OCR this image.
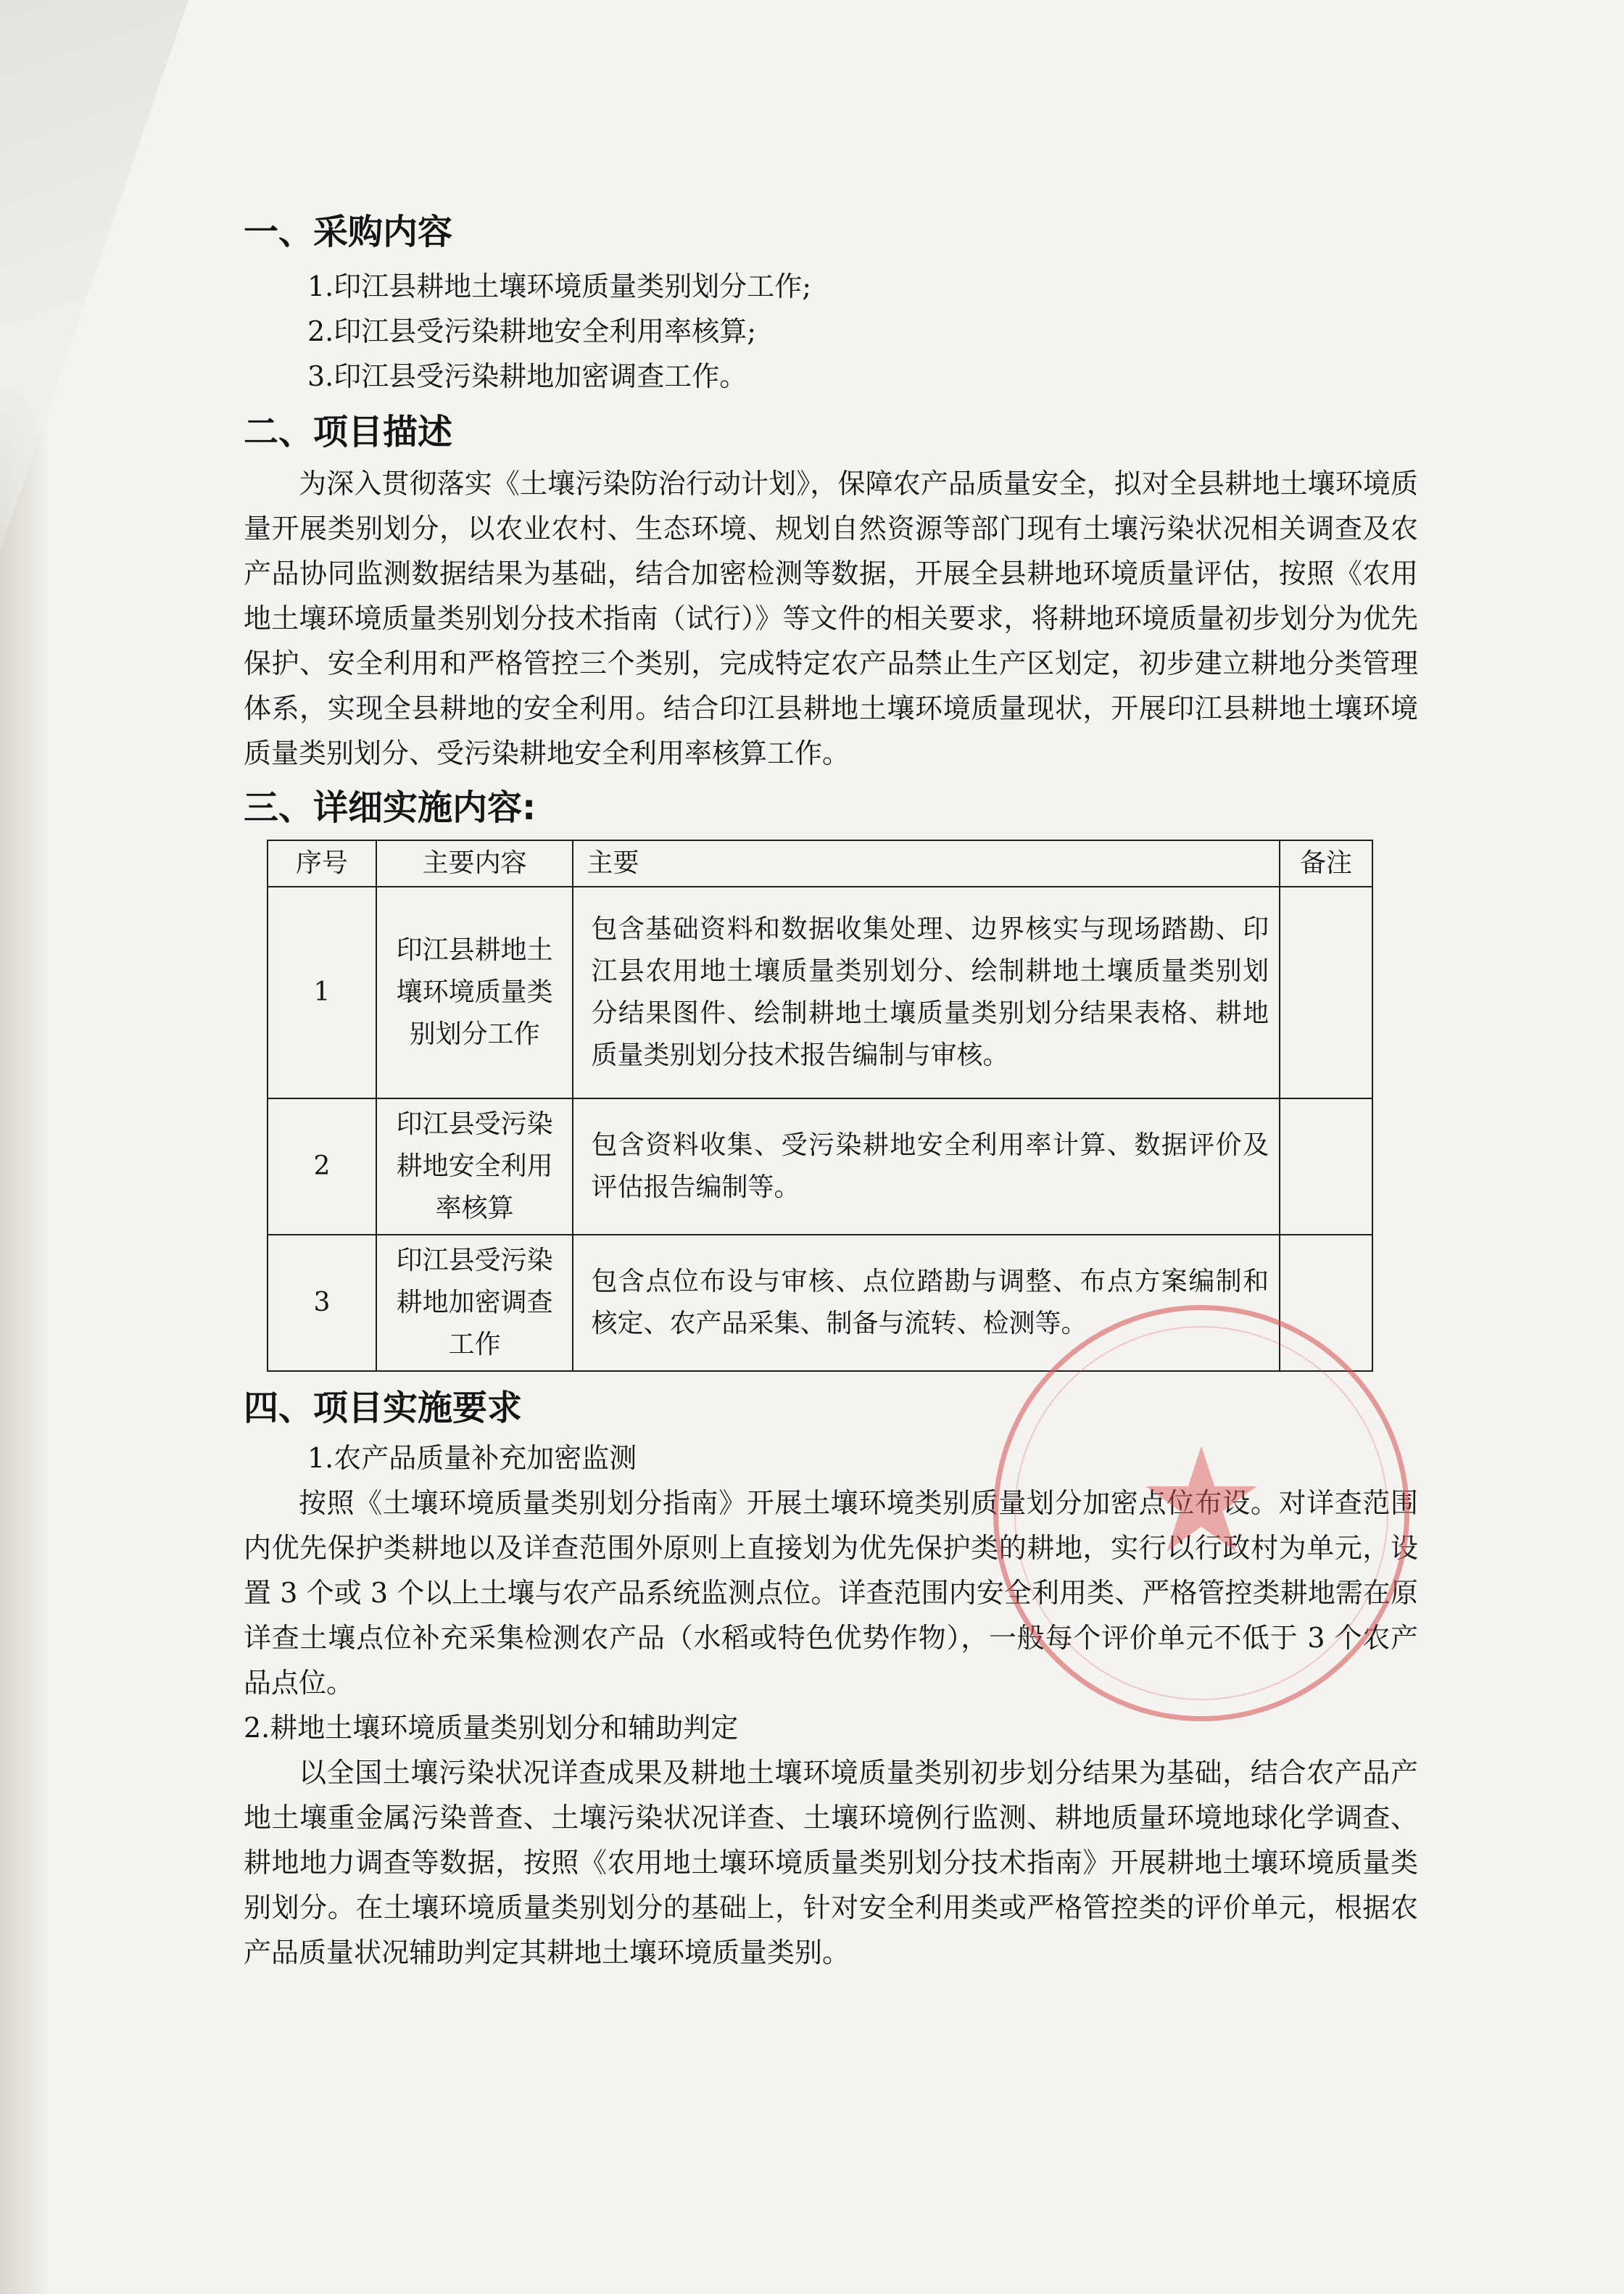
一、采购内容

1.印江县耕地土壤环境质量类别划分工作;

2.印江县受污染耕地安全利用率核算;

3.印江县受污染耕地加密调查工作。

二、项目描述

为深入贯彻落实《土壤污染防治行动计划》，保障农产品质量安全，拟对全县耕地土壤环境质量开展类别划分，以农业农村、生态环境、规划自然资源等部门现有土壤污染状况相关调查及农产品协同监测数据结果为基础，结合加密检测等数据，开展全县耕地环境质量评估，按照《农用地土壤环境质量类别划分技术指南（试行）》等文件的相关要求，将耕地环境质量初步划分为优先保护、安全利用和严格管控三个类别，完成特定农产品禁止生产区划定，初步建立耕地分类管理体系，实现全县耕地的安全利用。结合印江县耕地土壤环境质量现状，开展印江县耕地土壤环境质量类别划分、受污染耕地安全利用率核算工作。

三、详细实施内容:
序号	主要内容	主要	备注
1	印江县耕地土壤环境质量类别划分工作	包含基础资料和数据收集处理、边界核实与现场踏勘、印江县农用地土壤质量类别划分、绘制耕地土壤质量类别划分结果图件、绘制耕地土壤质量类别划分结果表格、耕地质量类别划分技术报告编制与审核。	
2	印江县受污染耕地安全利用率核算	包含资料收集、受污染耕地安全利用率计算、数据评价及评估报告编制等。	
3	印江县受污染耕地加密调查工作	包含点位布设与审核、点位踏勘与调整、布点方案编制和核定、农产品采集、制备与流转、检测等。	
四、项目实施要求

1.农产品质量补充加密监测

按照《土壤环境质量类别划分指南》开展土壤环境类别质量划分加密点位布设。对详查范围内优先保护类耕地以及详查范围外原则上直接划为优先保护类的耕地，实行以行政村为单元，设置 3 个或 3 个以上土壤与农产品系统监测点位。详查范围内安全利用类、严格管控类耕地需在原详查土壤点位补充采集检测农产品（水稻或特色优势作物），一般每个评价单元不低于 3 个农产品点位。

2.耕地土壤环境质量类别划分和辅助判定

以全国土壤污染状况详查成果及耕地土壤环境质量类别初步划分结果为基础，结合农产品产地土壤重金属污染普查、土壤污染状况详查、土壤环境例行监测、耕地质量环境地球化学调查、耕地地力调查等数据，按照《农用地土壤环境质量类别划分技术指南》开展耕地土壤环境质量类别划分。在土壤环境质量类别划分的基础上，针对安全利用类或严格管控类的评价单元，根据农产品质量状况辅助判定其耕地土壤环境质量类别。

★
